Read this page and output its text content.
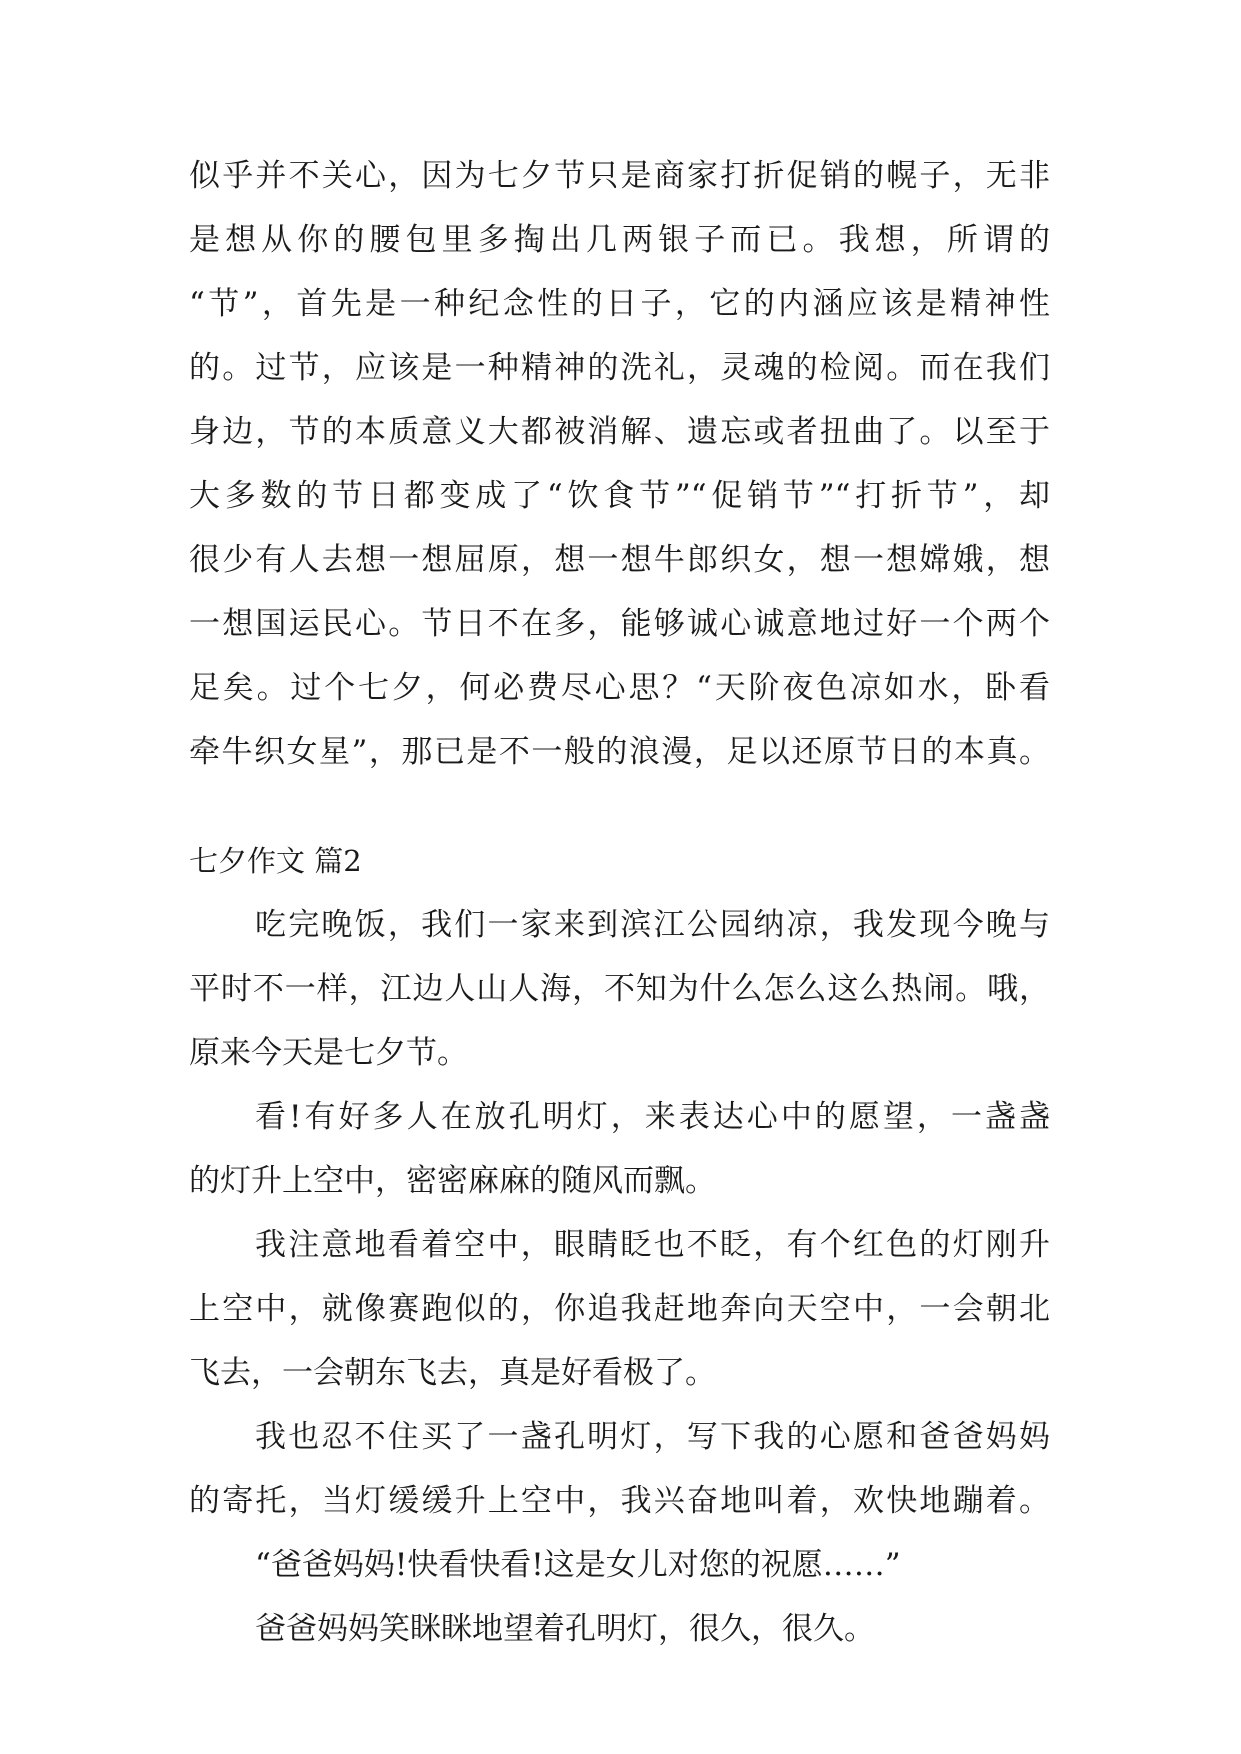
似乎并不关心，因为七夕节只是商家打折促销的幌子，无非
是想从你的腰包里多掏出几两银子而已。我想，所谓的
“节”，首先是一种纪念性的日子，它的内涵应该是精神性
的。过节，应该是一种精神的洗礼，灵魂的检阅。而在我们
身边，节的本质意义大都被消解、遗忘或者扭曲了。以至于
大多数的节日都变成了“饮食节”“促销节”“打折节”，却
很少有人去想一想屈原，想一想牛郎织女，想一想嫦娥，想
一想国运民心。节日不在多，能够诚心诚意地过好一个两个
足矣。过个七夕，何必费尽心思？“天阶夜色凉如水，卧看
牵牛织女星”，那已是不一般的浪漫，足以还原节日的本真。
七夕作文 篇2
吃完晚饭，我们一家来到滨江公园纳凉，我发现今晚与
平时不一样，江边人山人海，不知为什么怎么这么热闹。哦，
原来今天是七夕节。
看!有好多人在放孔明灯，来表达心中的愿望，一盏盏
的灯升上空中，密密麻麻的随风而飘。
我注意地看着空中，眼睛眨也不眨，有个红色的灯刚升
上空中，就像赛跑似的，你追我赶地奔向天空中，一会朝北
飞去，一会朝东飞去，真是好看极了。
我也忍不住买了一盏孔明灯，写下我的心愿和爸爸妈妈
的寄托，当灯缓缓升上空中，我兴奋地叫着，欢快地蹦着。
“爸爸妈妈!快看快看!这是女儿对您的祝愿……”
爸爸妈妈笑眯眯地望着孔明灯，很久，很久。
